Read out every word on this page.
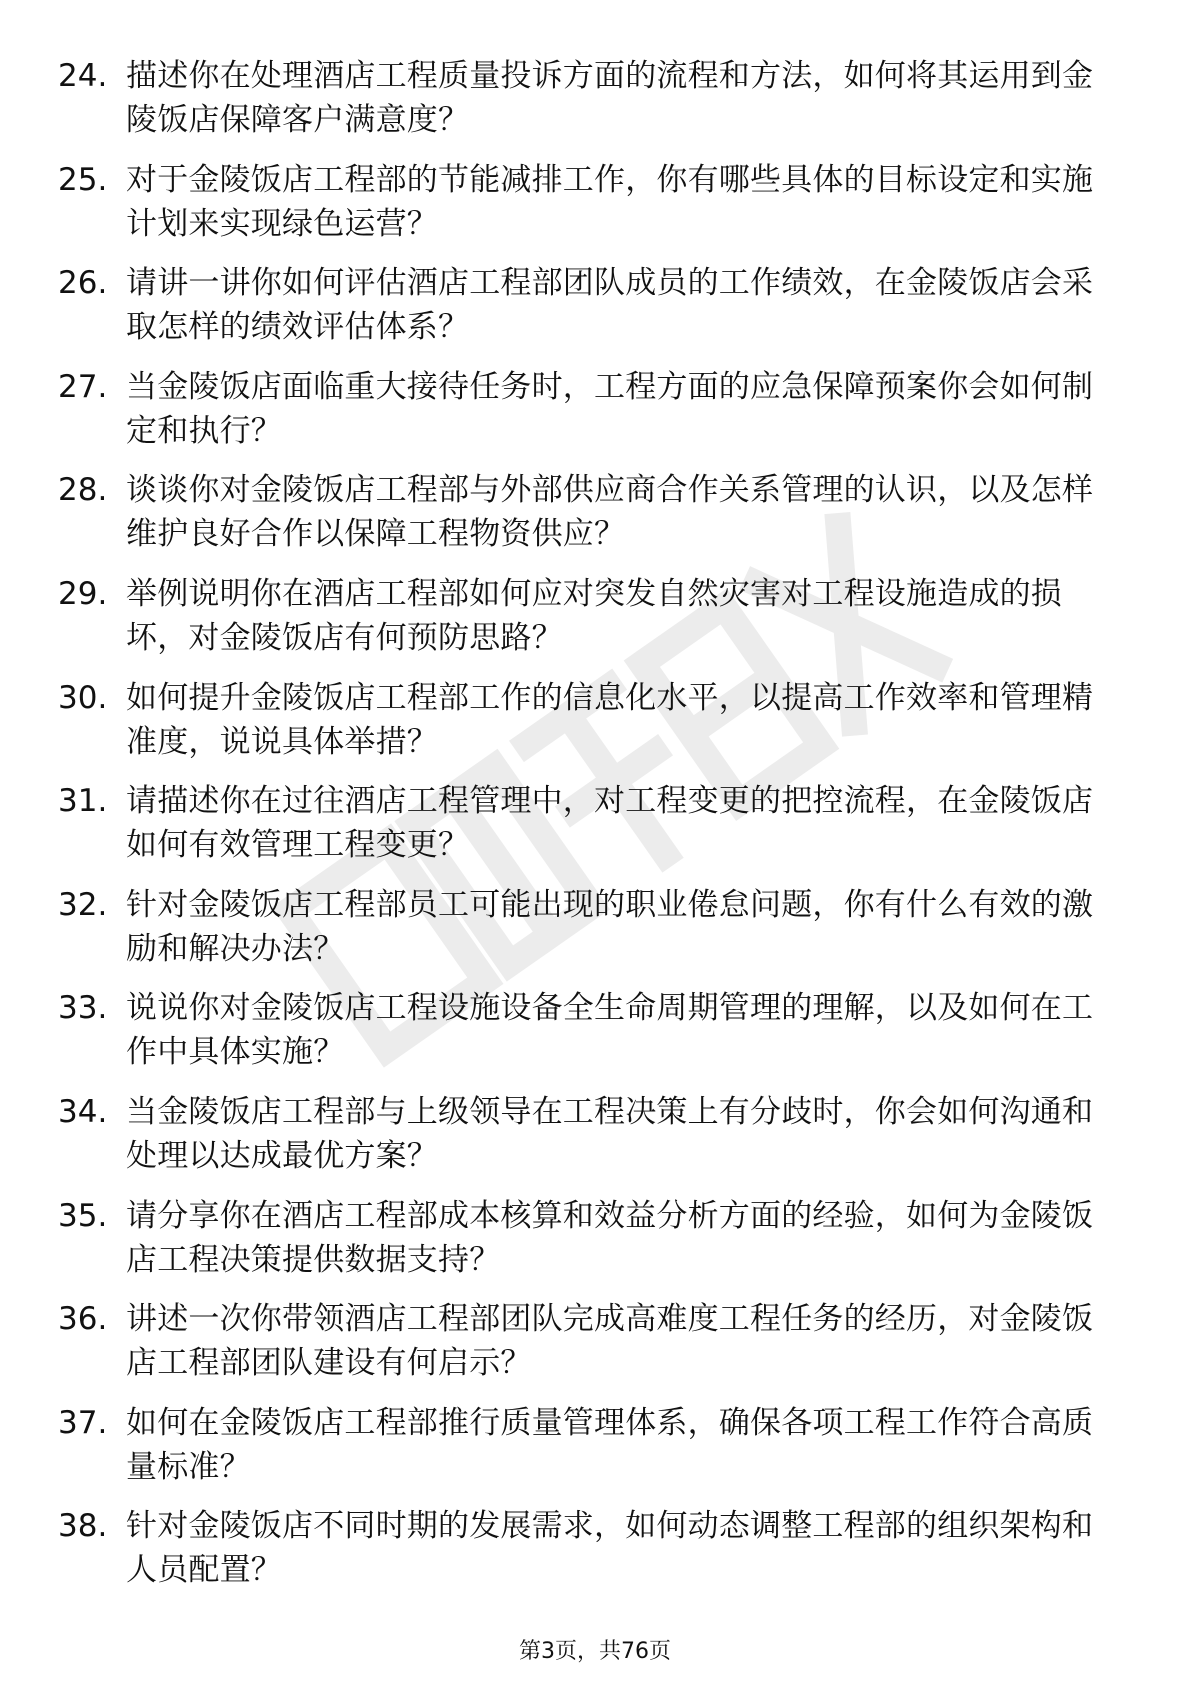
24. 描述你在处理酒店工程质量投诉方面的流程和方法，如何将其运用到金陵饭店保障客户满意度？
25. 对于金陵饭店工程部的节能减排工作，你有哪些具体的目标设定和实施计划来实现绿色运营？
26. 请讲一讲你如何评估酒店工程部团队成员的工作绩效，在金陵饭店会采取怎样的绩效评估体系？
27. 当金陵饭店面临重大接待任务时，工程方面的应急保障预案你会如何制定和执行？
28. 谈谈你对金陵饭店工程部与外部供应商合作关系管理的认识，以及怎样维护良好合作以保障工程物资供应？
29. 举例说明你在酒店工程部如何应对突发自然灾害对工程设施造成的损坏，对金陵饭店有何预防思路？
30. 如何提升金陵饭店工程部工作的信息化水平，以提高工作效率和管理精准度，说说具体举措？
31. 请描述你在过往酒店工程管理中，对工程变更的把控流程，在金陵饭店如何有效管理工程变更？
32. 针对金陵饭店工程部员工可能出现的职业倦怠问题，你有什么有效的激励和解决办法？
33. 说说你对金陵饭店工程设施设备全生命周期管理的理解，以及如何在工作中具体实施？
34. 当金陵饭店工程部与上级领导在工程决策上有分歧时，你会如何沟通和处理以达成最优方案？
35. 请分享你在酒店工程部成本核算和效益分析方面的经验，如何为金陵饭店工程决策提供数据支持？
36. 讲述一次你带领酒店工程部团队完成高难度工程任务的经历，对金陵饭店工程部团队建设有何启示？
37. 如何在金陵饭店工程部推行质量管理体系，确保各项工程工作符合高质量标准？
38. 针对金陵饭店不同时期的发展需求，如何动态调整工程部的组织架构和人员配置？
第3页，共76页
